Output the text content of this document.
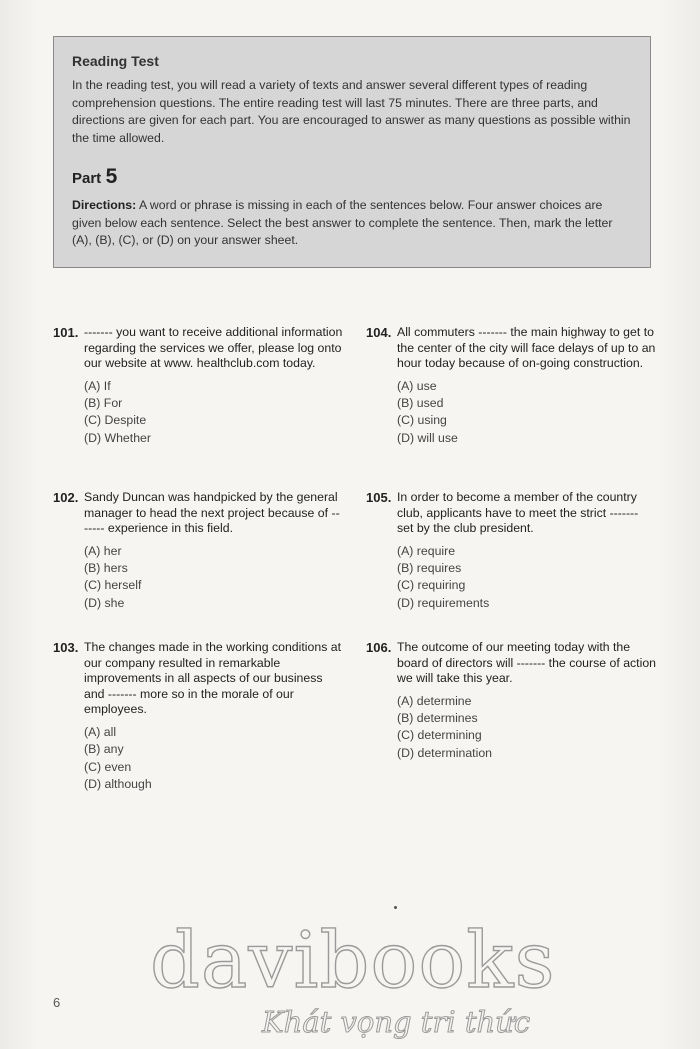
Reading Test

In the reading test, you will read a variety of texts and answer several different types of reading comprehension questions. The entire reading test will last 75 minutes. There are three parts, and directions are given for each part. You are encouraged to answer as many questions as possible within the time allowed.

Part 5

Directions: A word or phrase is missing in each of the sentences below. Four answer choices are given below each sentence. Select the best answer to complete the sentence. Then, mark the letter (A), (B), (C), or (D) on your answer sheet.

101. ------- you want to receive additional information regarding the services we offer, please log onto our website at www. healthclub.com today.
(A) If
(B) For
(C) Despite
(D) Whether
102. Sandy Duncan was handpicked by the general manager to head the next project because of ------- experience in this field.
(A) her
(B) hers
(C) herself
(D) she
103. The changes made in the working conditions at our company resulted in remarkable improvements in all aspects of our business and ------- more so in the morale of our employees.
(A) all
(B) any
(C) even
(D) although
104. All commuters ------- the main highway to get to the center of the city will face delays of up to an hour today because of on-going construction.
(A) use
(B) used
(C) using
(D) will use
105. In order to become a member of the country club, applicants have to meet the strict ------- set by the club president.
(A) require
(B) requires
(C) requiring
(D) requirements
106. The outcome of our meeting today with the board of directors will ------- the course of action we will take this year.
(A) determine
(B) determines
(C) determining
(D) determination
davibooks
Khát vọng tri thức
6
